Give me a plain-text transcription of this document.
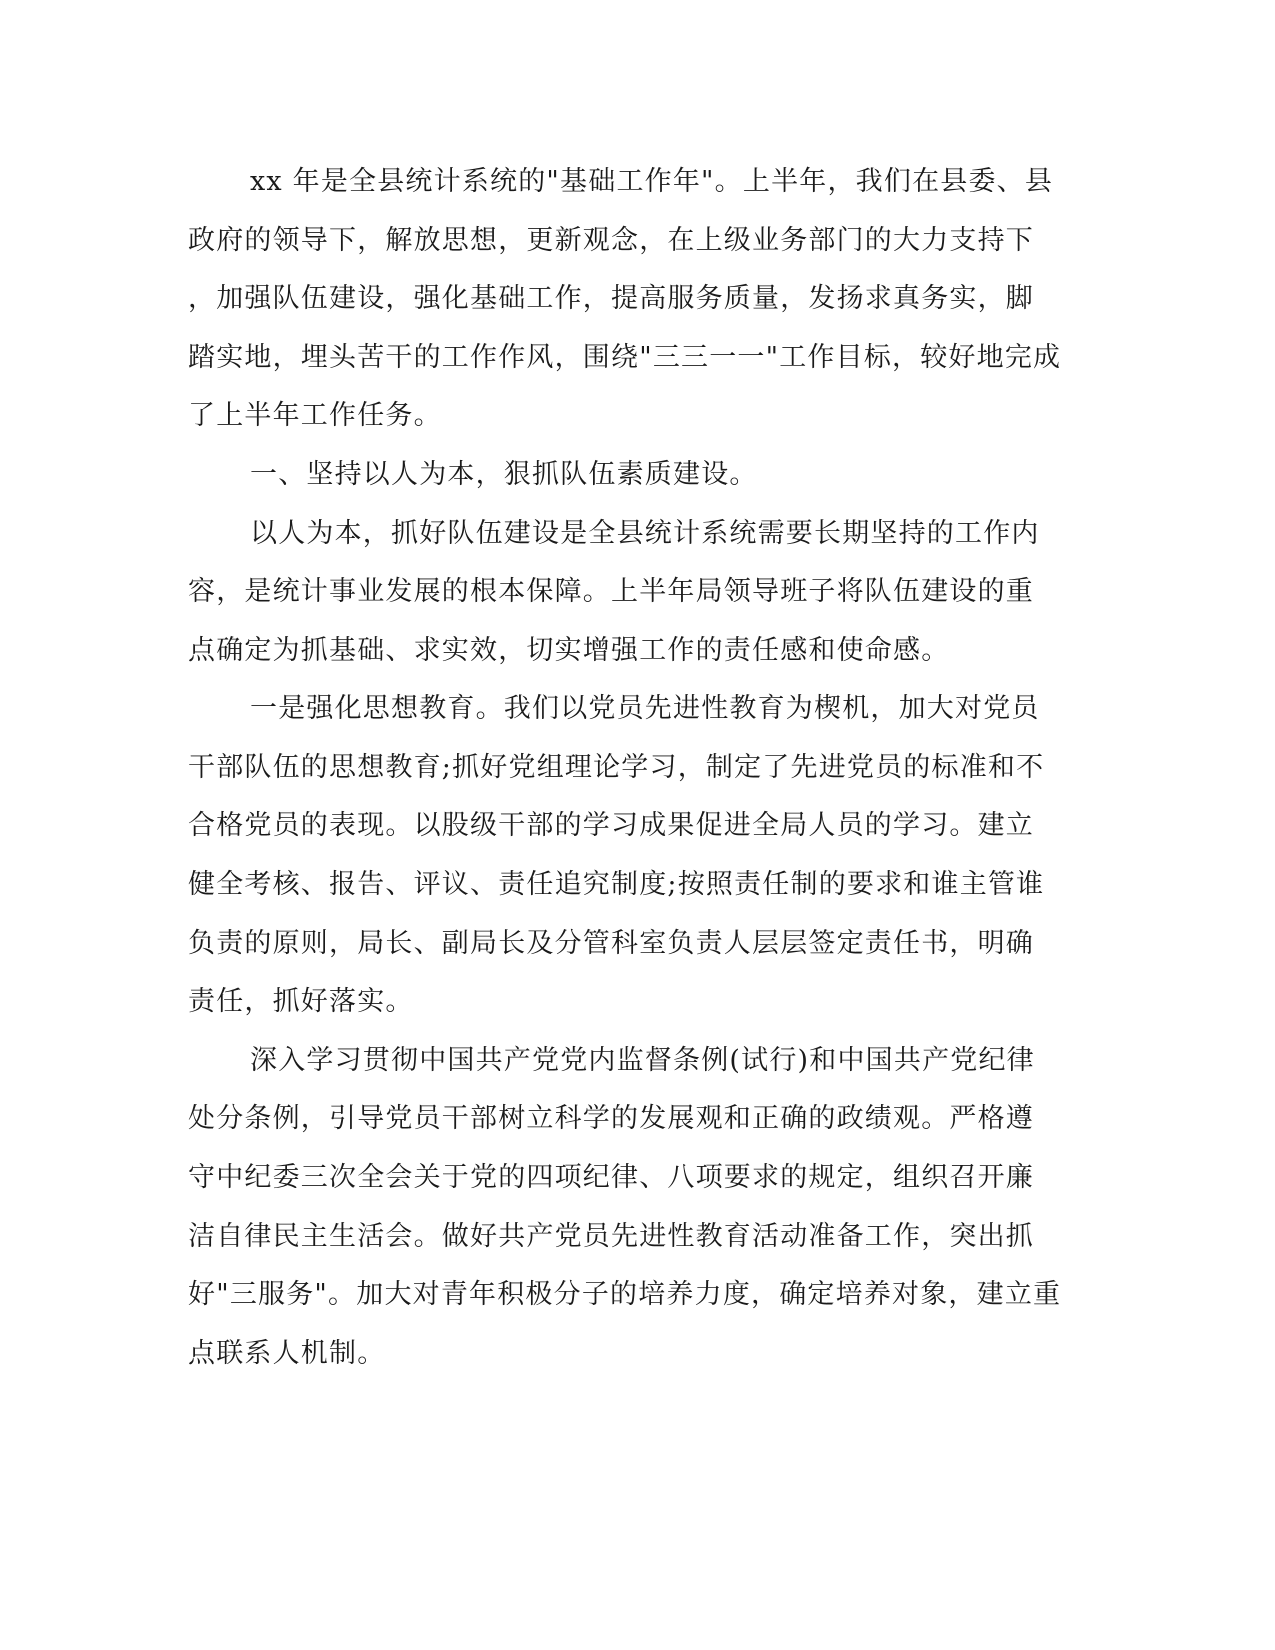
xx 年是全县统计系统的"基础工作年"。上半年，我们在县委、县
政府的领导下，解放思想，更新观念，在上级业务部门的大力支持下
，加强队伍建设，强化基础工作，提高服务质量，发扬求真务实，脚
踏实地，埋头苦干的工作作风，围绕"三三一一"工作目标，较好地完成
了上半年工作任务。
一、坚持以人为本，狠抓队伍素质建设。
以人为本，抓好队伍建设是全县统计系统需要长期坚持的工作内
容，是统计事业发展的根本保障。上半年局领导班子将队伍建设的重
点确定为抓基础、求实效，切实增强工作的责任感和使命感。
一是强化思想教育。我们以党员先进性教育为楔机，加大对党员
干部队伍的思想教育;抓好党组理论学习，制定了先进党员的标准和不
合格党员的表现。以股级干部的学习成果促进全局人员的学习。建立
健全考核、报告、评议、责任追究制度;按照责任制的要求和谁主管谁
负责的原则，局长、副局长及分管科室负责人层层签定责任书，明确
责任，抓好落实。
深入学习贯彻中国共产党党内监督条例(试行)和中国共产党纪律
处分条例，引导党员干部树立科学的发展观和正确的政绩观。严格遵
守中纪委三次全会关于党的四项纪律、八项要求的规定，组织召开廉
洁自律民主生活会。做好共产党员先进性教育活动准备工作，突出抓
好"三服务"。加大对青年积极分子的培养力度，确定培养对象，建立重
点联系人机制。
